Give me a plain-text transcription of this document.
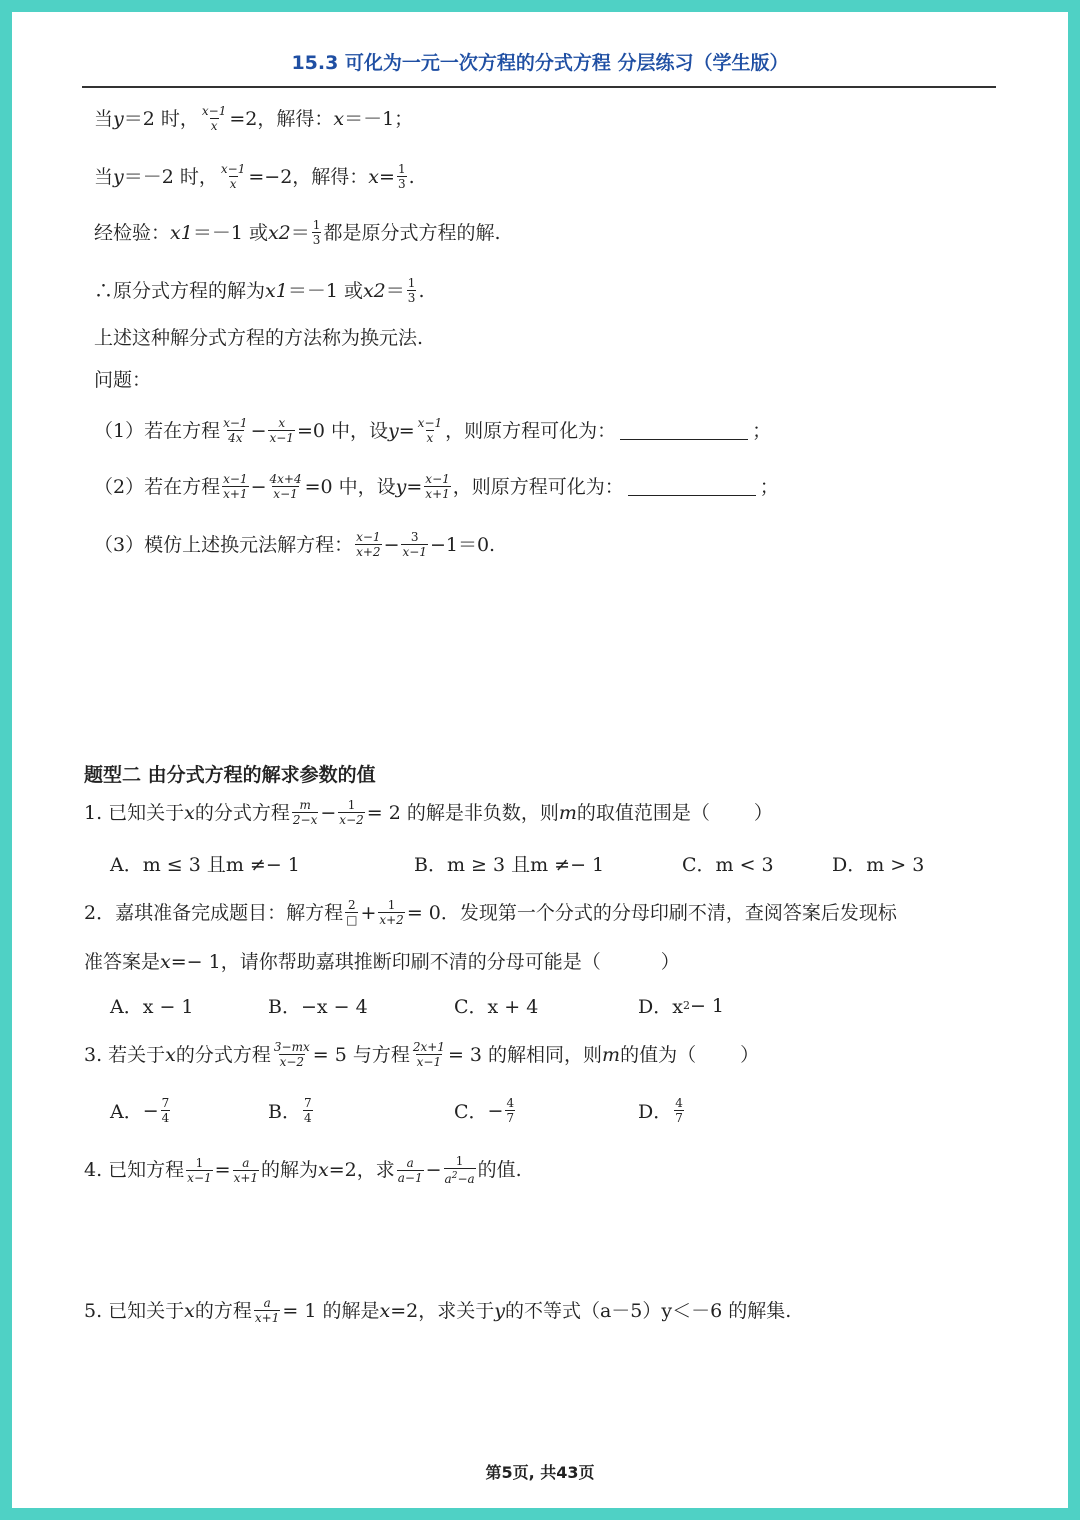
15.3 可化为一元一次方程的分式方程 分层练习（学生版）
当 y ＝2 时， $\frac{x-1}{x} =2$，解得： x ＝－1；
当 y ＝－2 时， $\frac{x-1}{x} =-2$，解得： $x = \frac{1}{3}$ .
经检验： x1 ＝－1 或 $x2 = \frac{1}{3}$ 都是原分式方程的解.
∴原分式方程的解为 x1 ＝－1 或 $x2 = \frac{1}{3}$ .
上述这种解分式方程的方法称为换元法.
问题：
（1）若在方程 $\frac{x-1}{4x} - \frac{x}{x-1} =0$ 中，设 $y = \frac{x-1}{x}$ ，则原方程可化为：	；
（2）若在方程 $\frac{x-1}{x+1} - \frac{4x+4}{x-1} =0$ 中，设 $y = \frac{x-1}{x+1}$ ，则原方程可化为：	；
（3）模仿上述换元法解方程： $\frac{x-1}{x+2} - \frac{3}{x-1} -1=0$.
题型二 由分式方程的解求参数的值
1. 已知关于 x 的分式方程 $\frac{m}{2-x} - \frac{1}{x-2} = 2$ 的解是非负数，则 m 的取值范围是（ ）
A．m ≤ 3 且m ≠− 1	B．m ≥ 3 且m ≠− 1	C．m < 3	D．m > 3
2．嘉琪准备完成题目：解方程 $\frac{2}{□} + \frac{1}{x+2} = 0$．发现第一个分式的分母印刷不清，查阅答案后发现标
准答案是 x =− 1，请你帮助嘉琪推断印刷不清的分母可能是（	）
A．x − 1	B．−x − 4	C．x + 4	D．x 2 − 1
3. 若关于 x 的分式方程 $\frac{3-mx}{x-2} = 5$ 与方程 $\frac{2x+1}{x-1} = 3$ 的解相同，则 m 的值为（ ）
A． − $\frac{7}{4}$	B． $\frac{7}{4}$	C． − $\frac{4}{7}$	D． $\frac{4}{7}$
4. 已知方程 $\frac{1}{x-1} = \frac{a}{x+1}$ 的解为 x =2，求 $\frac{a}{a-1} - \frac{1}{a^2-a}$ 的值.
5. 已知关于 x 的方程 $\frac{a}{x+1} = 1$ 的解是 x =2，求关于 y 的不等式（a－5）y＜－6 的解集.
第5页, 共43页
